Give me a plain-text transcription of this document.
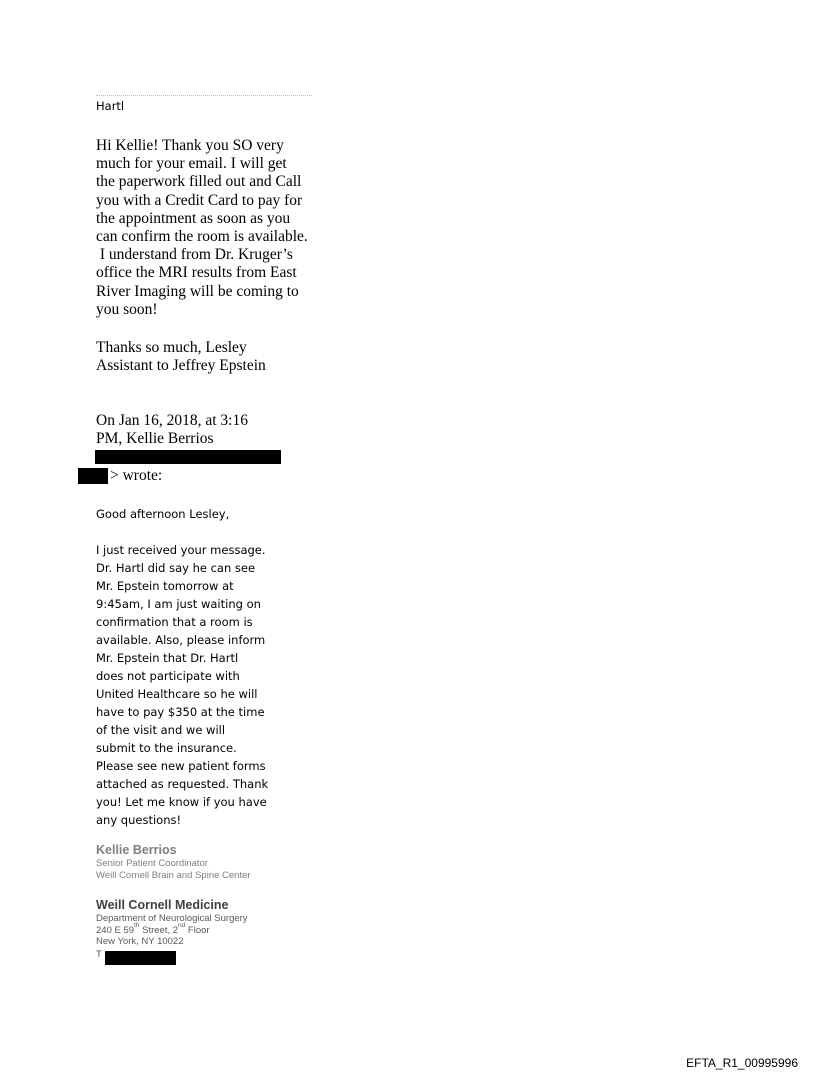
Hartl
Hi Kellie! Thank you SO very
much for your email. I will get
the paperwork filled out and Call
you with a Credit Card to pay for
the appointment as soon as you
can confirm the room is available.
I understand from Dr. Kruger’s
office the MRI results from East
River Imaging will be coming to
you soon!
Thanks so much, Lesley
Assistant to Jeffrey Epstein
On Jan 16, 2018, at 3:16
PM, Kellie Berrios
> wrote:
Good afternoon Lesley,
I just received your message.
Dr. Hartl did say he can see
Mr. Epstein tomorrow at
9:45am, I am just waiting on
confirmation that a room is
available. Also, please inform
Mr. Epstein that Dr. Hartl
does not participate with
United Healthcare so he will
have to pay $350 at the time
of the visit and we will
submit to the insurance.
Please see new patient forms
attached as requested. Thank
you! Let me know if you have
any questions!
Kellie Berrios
Senior Patient Coordinator
Weill Cornell Brain and Spine Center
Weill Cornell Medicine
Department of Neurological Surgery
240 E 59th Street, 2nd Floor
New York, NY 10022
T
EFTA_R1_00995996
